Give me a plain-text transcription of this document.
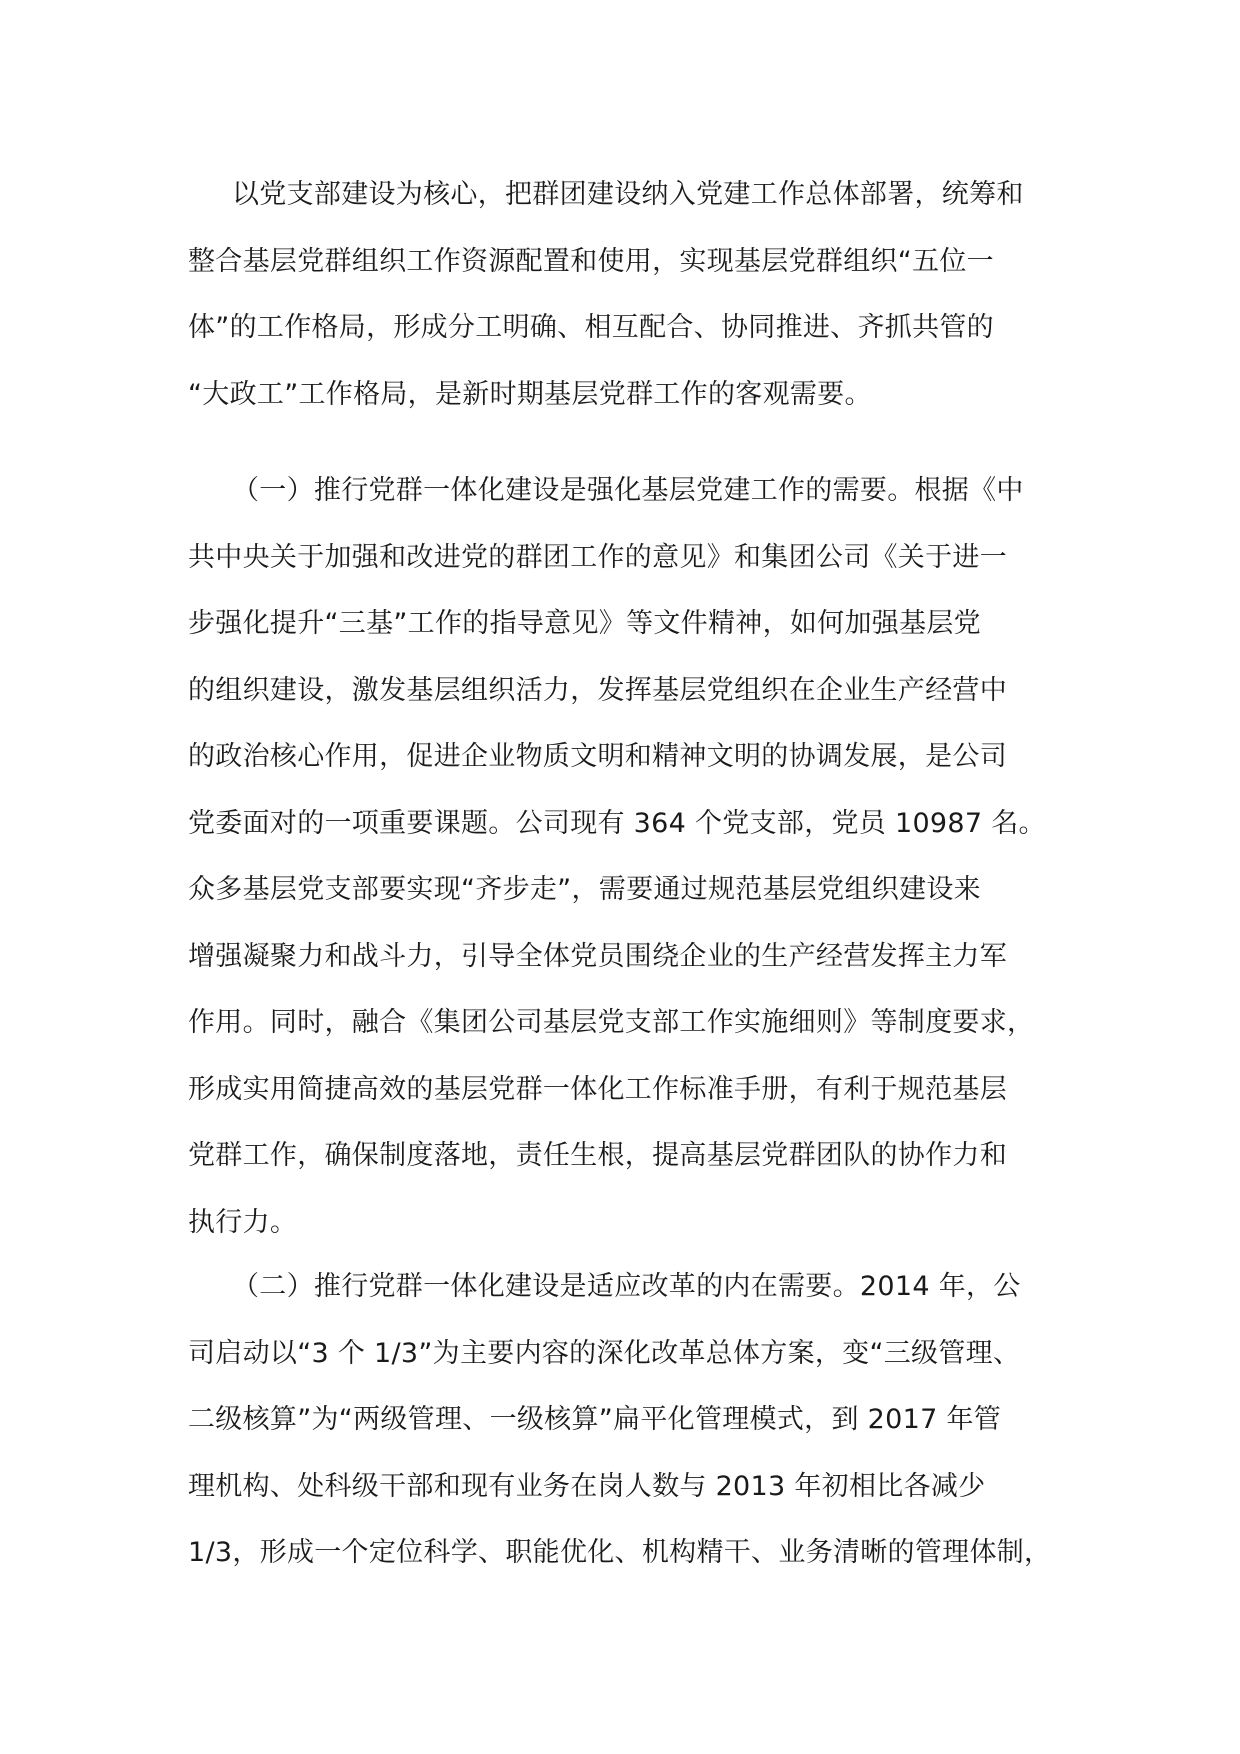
以党支部建设为核心，把群团建设纳入党建工作总体部署，统筹和
整合基层党群组织工作资源配置和使用，实现基层党群组织“五位一
体”的工作格局，形成分工明确、相互配合、协同推进、齐抓共管的
“大政工”工作格局，是新时期基层党群工作的客观需要。
（一）推行党群一体化建设是强化基层党建工作的需要。根据《中
共中央关于加强和改进党的群团工作的意见》和集团公司《关于进一
步强化提升“三基”工作的指导意见》等文件精神，如何加强基层党
的组织建设，激发基层组织活力，发挥基层党组织在企业生产经营中
的政治核心作用，促进企业物质文明和精神文明的协调发展，是公司
党委面对的一项重要课题。公司现有 364 个党支部，党员 10987 名。
众多基层党支部要实现“齐步走”，需要通过规范基层党组织建设来
增强凝聚力和战斗力，引导全体党员围绕企业的生产经营发挥主力军
作用。同时，融合《集团公司基层党支部工作实施细则》等制度要求，
形成实用简捷高效的基层党群一体化工作标准手册，有利于规范基层
党群工作，确保制度落地，责任生根，提高基层党群团队的协作力和
执行力。
（二）推行党群一体化建设是适应改革的内在需要。2014 年，公
司启动以“3 个 1/3”为主要内容的深化改革总体方案，变“三级管理、
二级核算”为“两级管理、一级核算”扁平化管理模式，到 2017 年管
理机构、处科级干部和现有业务在岗人数与 2013 年初相比各减少
1/3，形成一个定位科学、职能优化、机构精干、业务清晰的管理体制，
